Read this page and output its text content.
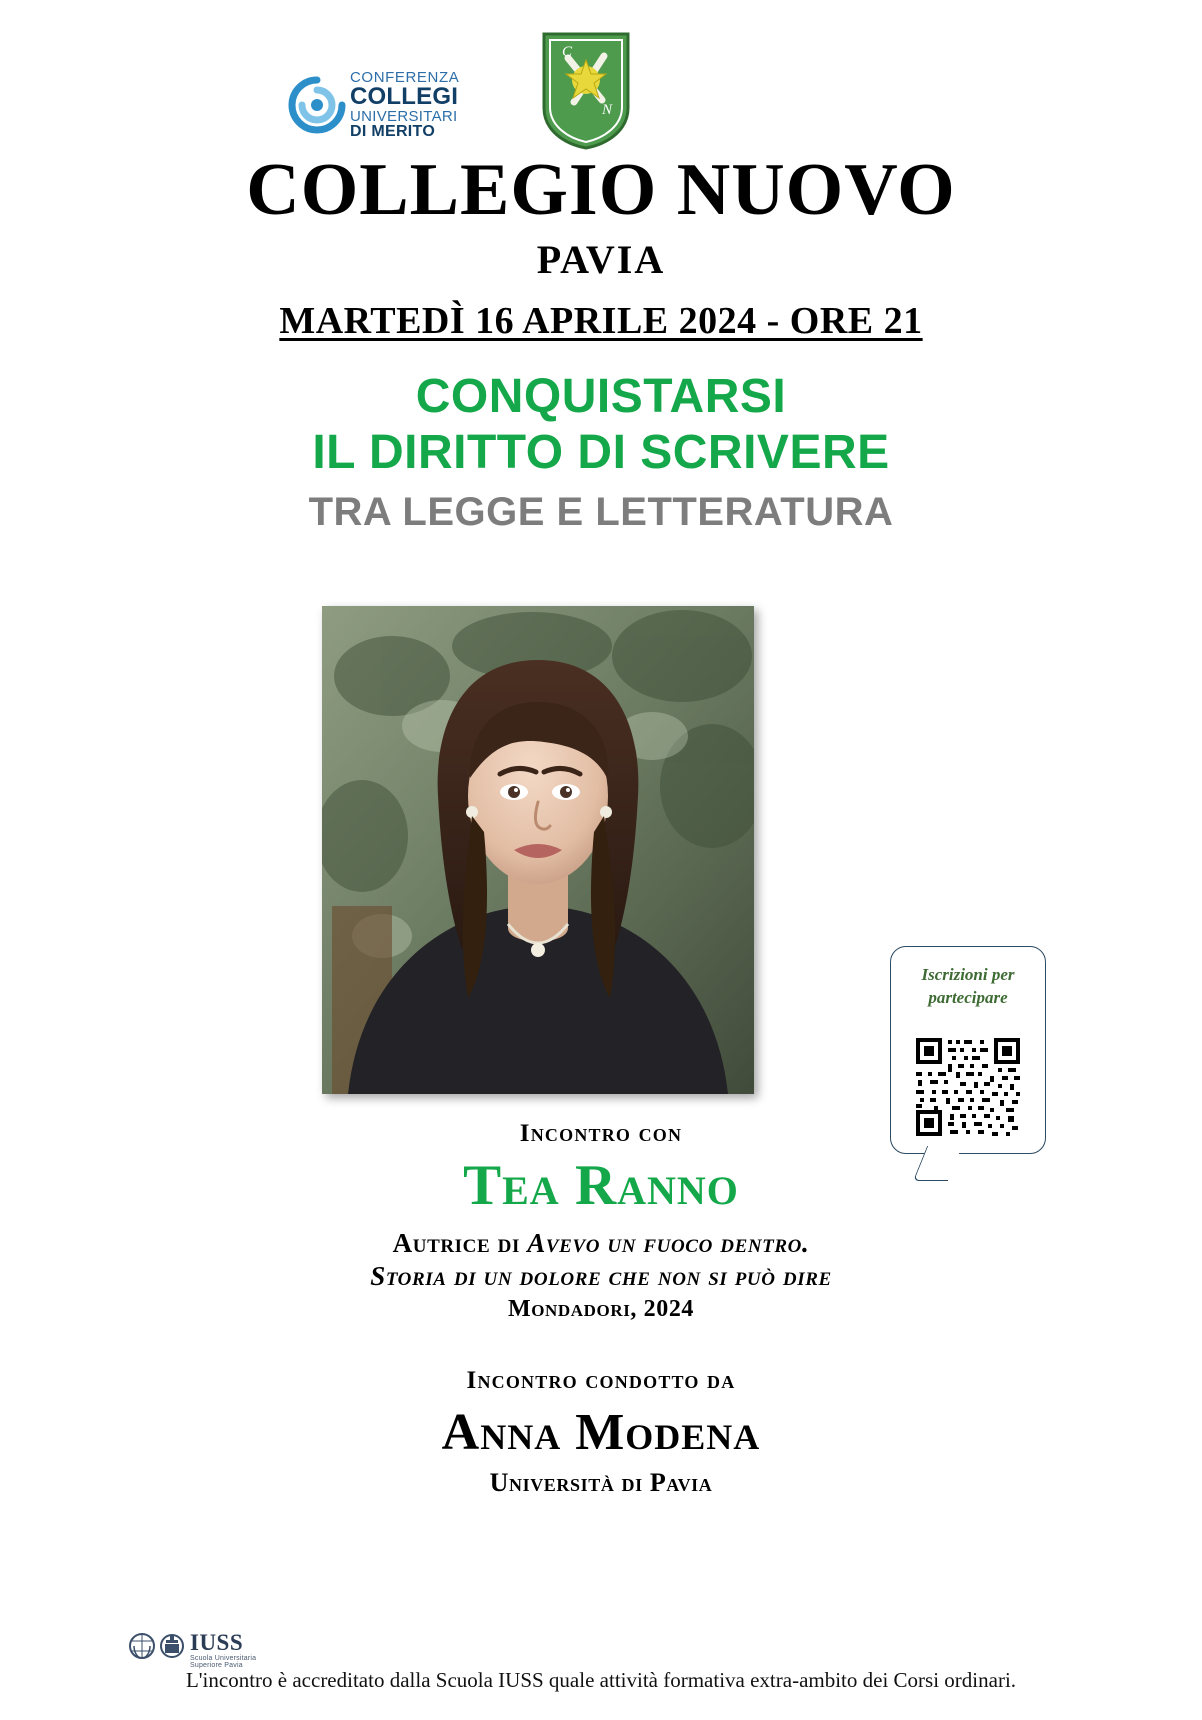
CONFERENZA
COLLEGI
UNIVERSITARI
DI MERITO
C
N
COLLEGIO NUOVO
PAVIA
MARTEDÌ 16 APRILE 2024 - ORE 21
CONQUISTARSI
IL DIRITTO DI SCRIVERE
TRA LEGGE E LETTERATURA
Iscrizioni per
partecipare
Incontro con
Tea Ranno
Autrice di Avevo un fuoco dentro.
Storia di un dolore che non si può dire
Mondadori, 2024
Incontro condotto da
Anna Modena
Università di Pavia
IUSS
Scuola Universitaria Superiore Pavia
L'incontro è accreditato dalla Scuola IUSS quale attività formativa extra-ambito dei Corsi ordinari.
